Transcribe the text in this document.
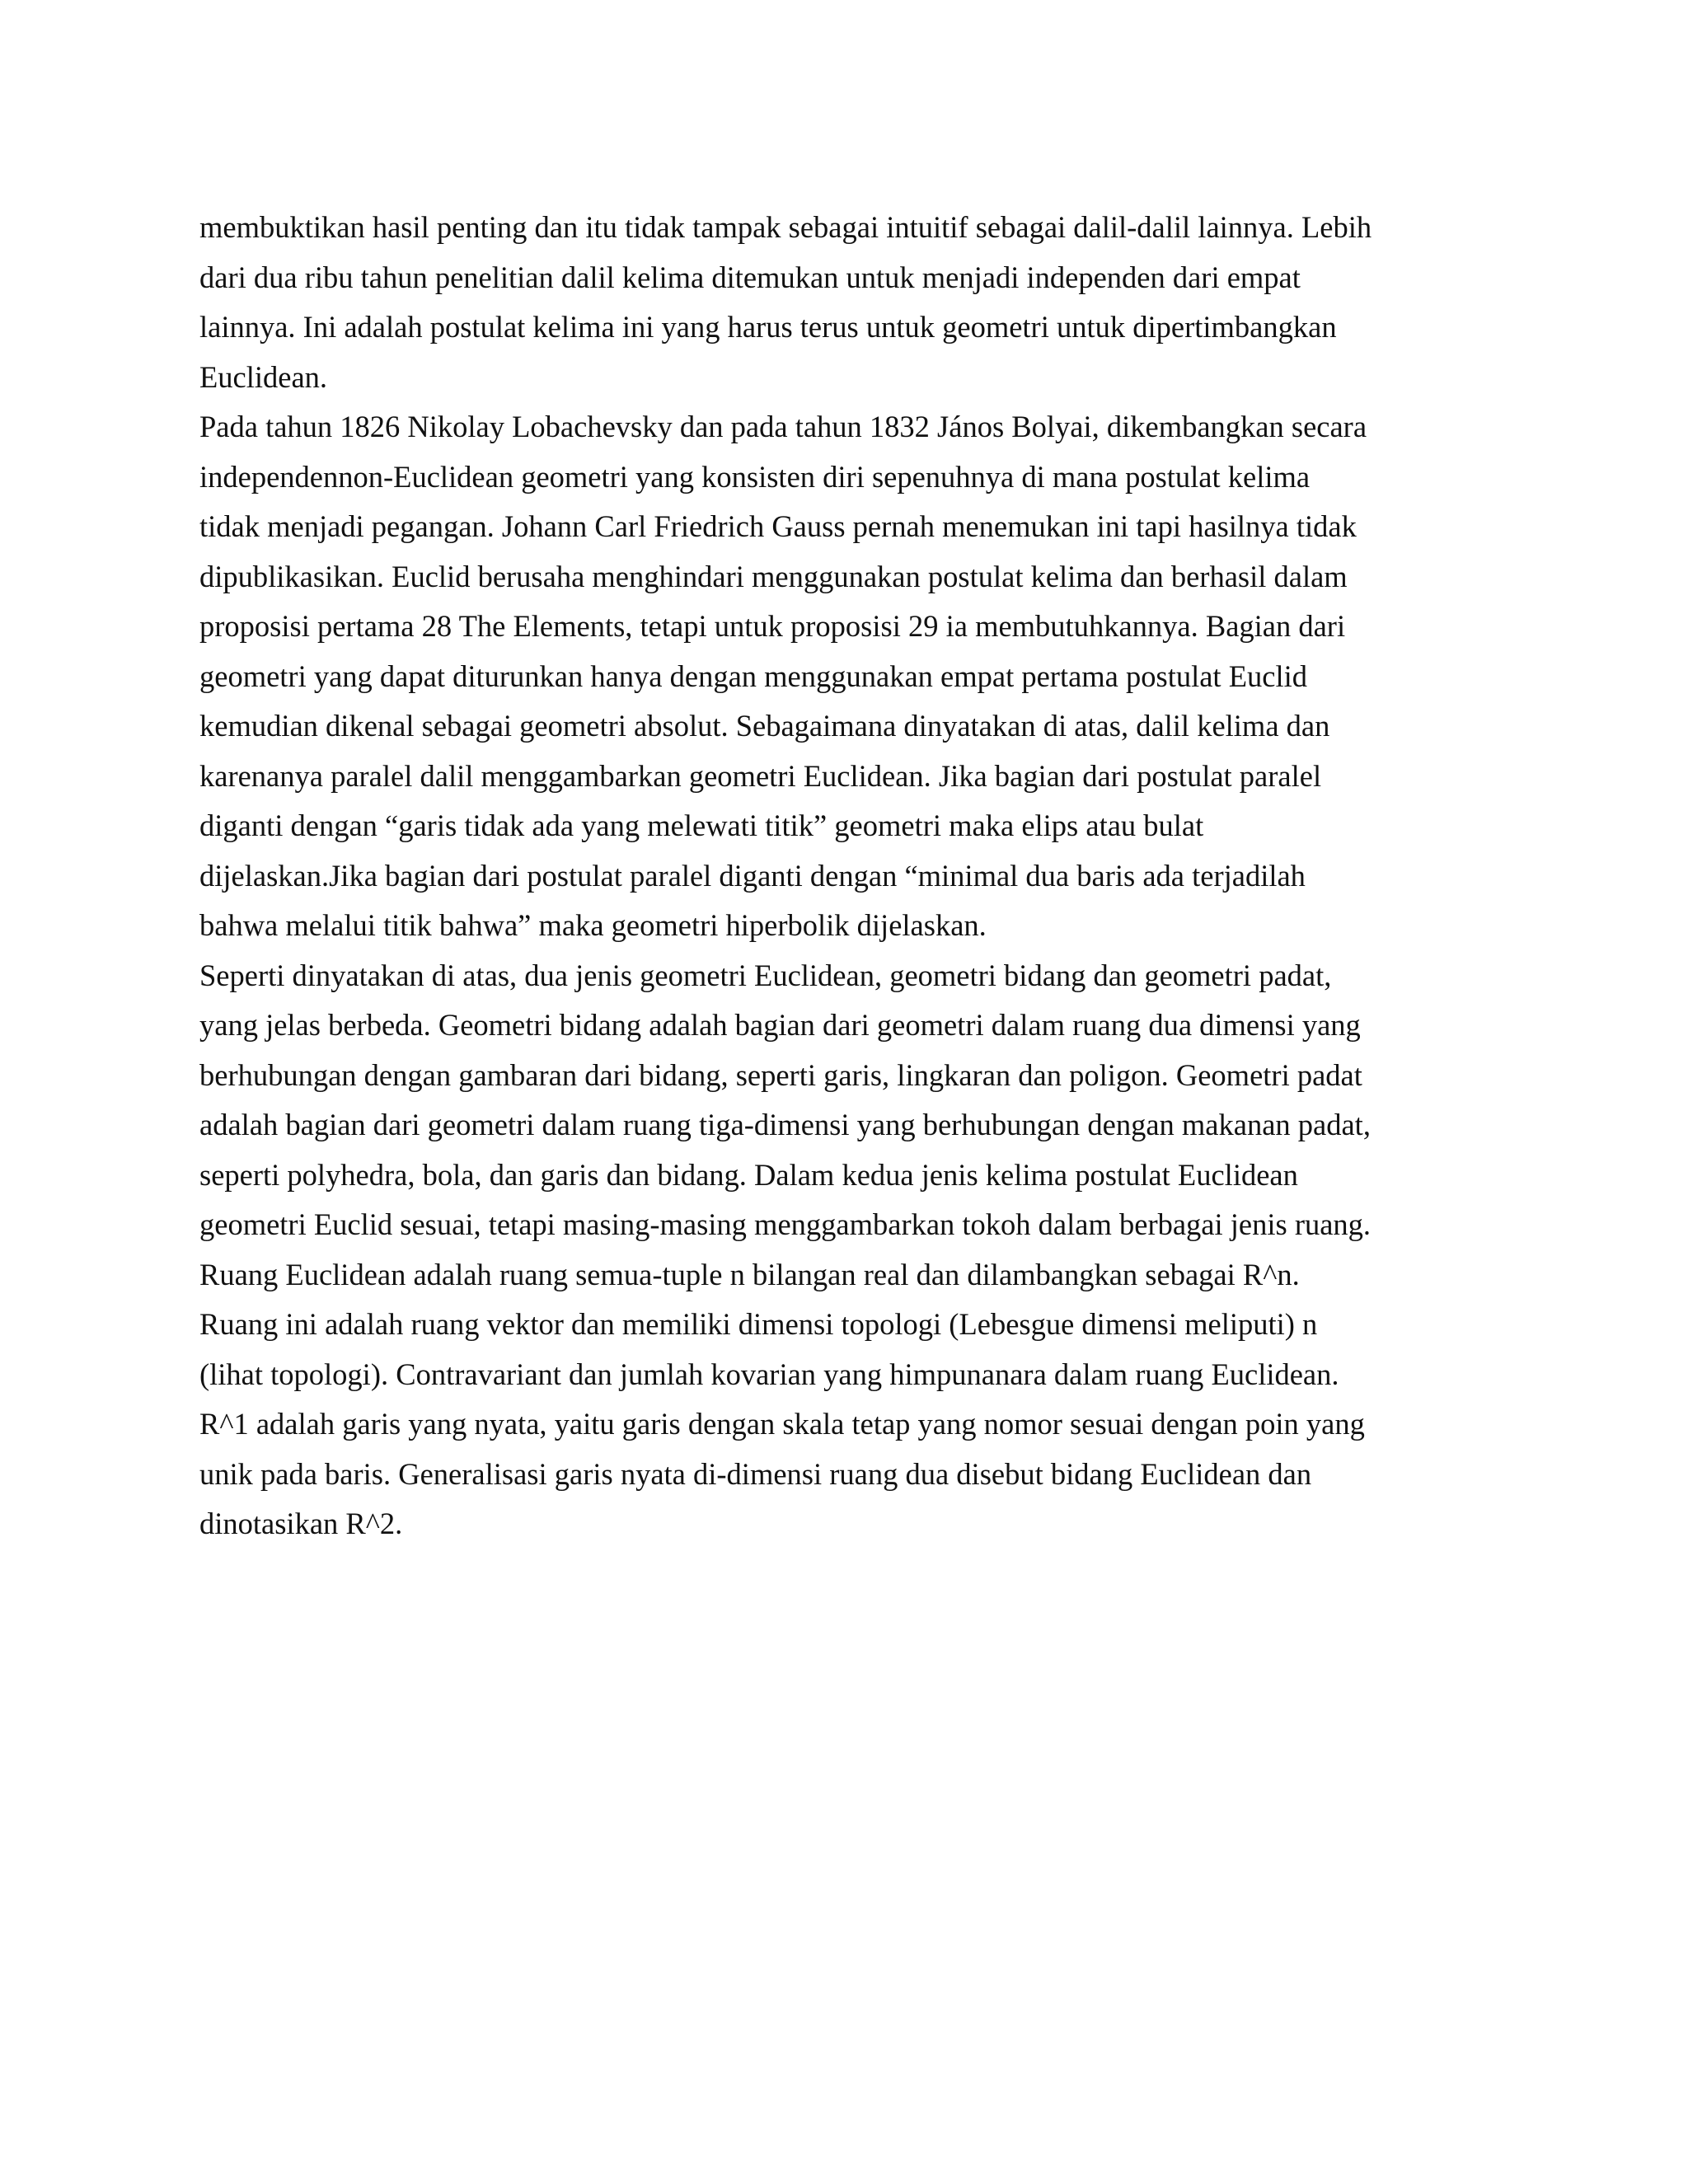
membuktikan hasil penting dan itu tidak tampak sebagai intuitif sebagai dalil-dalil lainnya. Lebih
dari dua ribu tahun penelitian dalil kelima ditemukan untuk menjadi independen dari empat
lainnya. Ini adalah postulat kelima ini yang harus terus untuk geometri untuk dipertimbangkan
Euclidean.
Pada tahun 1826 Nikolay Lobachevsky dan pada tahun 1832 János Bolyai, dikembangkan secara
independennon-Euclidean geometri yang konsisten diri sepenuhnya di mana postulat kelima
tidak menjadi pegangan. Johann Carl Friedrich Gauss pernah menemukan ini tapi hasilnya tidak
dipublikasikan. Euclid berusaha menghindari menggunakan postulat kelima dan berhasil dalam
proposisi pertama 28 The Elements, tetapi untuk proposisi 29 ia membutuhkannya. Bagian dari
geometri yang dapat diturunkan hanya dengan menggunakan empat pertama postulat Euclid
kemudian dikenal sebagai geometri absolut. Sebagaimana dinyatakan di atas, dalil kelima dan
karenanya paralel dalil menggambarkan geometri Euclidean. Jika bagian dari postulat paralel
diganti dengan “garis tidak ada yang melewati titik” geometri maka elips atau bulat
dijelaskan.Jika bagian dari postulat paralel diganti dengan “minimal dua baris ada terjadilah
bahwa melalui titik bahwa” maka geometri hiperbolik dijelaskan.
Seperti dinyatakan di atas, dua jenis geometri Euclidean, geometri bidang dan geometri padat,
yang jelas berbeda. Geometri bidang adalah bagian dari geometri dalam ruang dua dimensi yang
berhubungan dengan gambaran dari bidang, seperti garis, lingkaran dan poligon. Geometri padat
adalah bagian dari geometri dalam ruang tiga-dimensi yang berhubungan dengan makanan padat,
seperti polyhedra, bola, dan garis dan bidang. Dalam kedua jenis kelima postulat Euclidean
geometri Euclid sesuai, tetapi masing-masing menggambarkan tokoh dalam berbagai jenis ruang.
Ruang Euclidean adalah ruang semua-tuple n bilangan real dan dilambangkan sebagai R^n.
Ruang ini adalah ruang vektor dan memiliki dimensi topologi (Lebesgue dimensi meliputi) n
(lihat topologi). Contravariant dan jumlah kovarian yang himpunanara dalam ruang Euclidean.
R^1 adalah garis yang nyata, yaitu garis dengan skala tetap yang nomor sesuai dengan poin yang
unik pada baris. Generalisasi garis nyata di-dimensi ruang dua disebut bidang Euclidean dan
dinotasikan R^2.
